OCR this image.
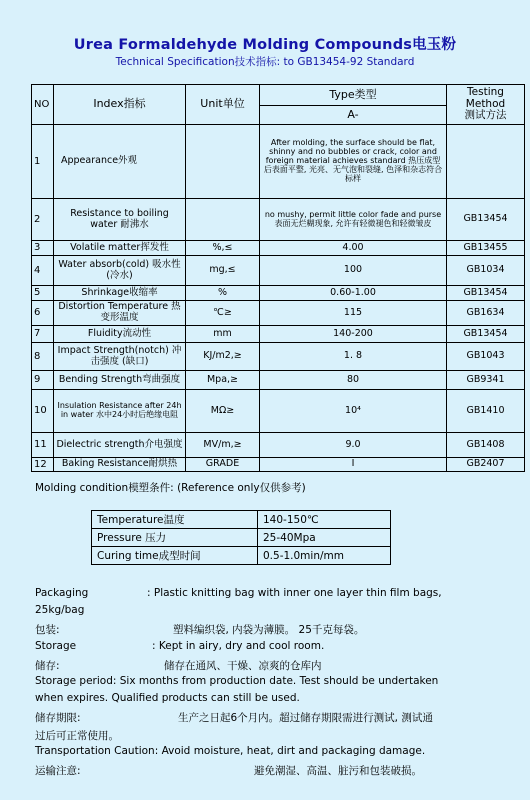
Urea Formaldehyde Molding Compounds电玉粉
Technical Specification技术指标: to GB13454-92 Standard
NO	Index指标	Unit单位	Type类型	Testing
Method
测试方法

			A-	
1	Appearance外观		After molding, the surface should be flat, shinny and no bubbles or crack, color and foreign material achieves standard 热压成型后表面平整, 光亮、无气泡和裂缝, 色泽和杂志符合标样	
2	Resistance to boiling water 耐沸水		no mushy, permit little color fade and purse 表面无烂糊现象, 允许有轻微褪色和轻微皱皮	GB13454
3	Volatile matter挥发性	%,≤	4.00	GB13455
4	Water absorb(cold) 吸水性 (冷水)	mg,≤	100	GB1034
5	Shrinkage收缩率	%	0.60-1.00	GB13454
6	Distortion Temperature 热变形温度	℃≥	115	GB1634
7	Fluidity流动性	mm	140-200	GB13454
8	Impact Strength(notch) 冲击强度 (缺口)	KJ/m2,≥	1. 8	GB1043
9	Bending Strength弯曲强度	Mpa,≥	80	GB9341
10	Insulation Resistance after 24h in water 水中24小时后绝缘电阻	MΩ≥	10⁴	GB1410
11	Dielectric strength介电强度	MV/m,≥	9.0	GB1408
12	Baking Resistance耐烘热	GRADE	I	GB2407
Molding condition模塑条件: (Reference only仅供参考)
Temperature温度	140-150℃
Pressure 压力	25-40Mpa
Curing time成型时间	0.5-1.0min/mm
Packaging	: Plastic knitting bag with inner one layer thin film bags,
25kg/bag
包装:	塑料编织袋, 内袋为薄膜。 25千克每袋。
Storage	: Kept in airy, dry and cool room.
储存:	储存在通风、干燥、凉爽的仓库内
Storage period: Six months from production date. Test should be undertaken
when expires. Qualified products can still be used.
储存期限:	生产之日起6个月内。超过储存期限需进行测试, 测试通
过后可正常使用。
Transportation Caution: Avoid moisture, heat, dirt and packaging damage.
运输注意:	避免潮湿、高温、脏污和包装破损。
